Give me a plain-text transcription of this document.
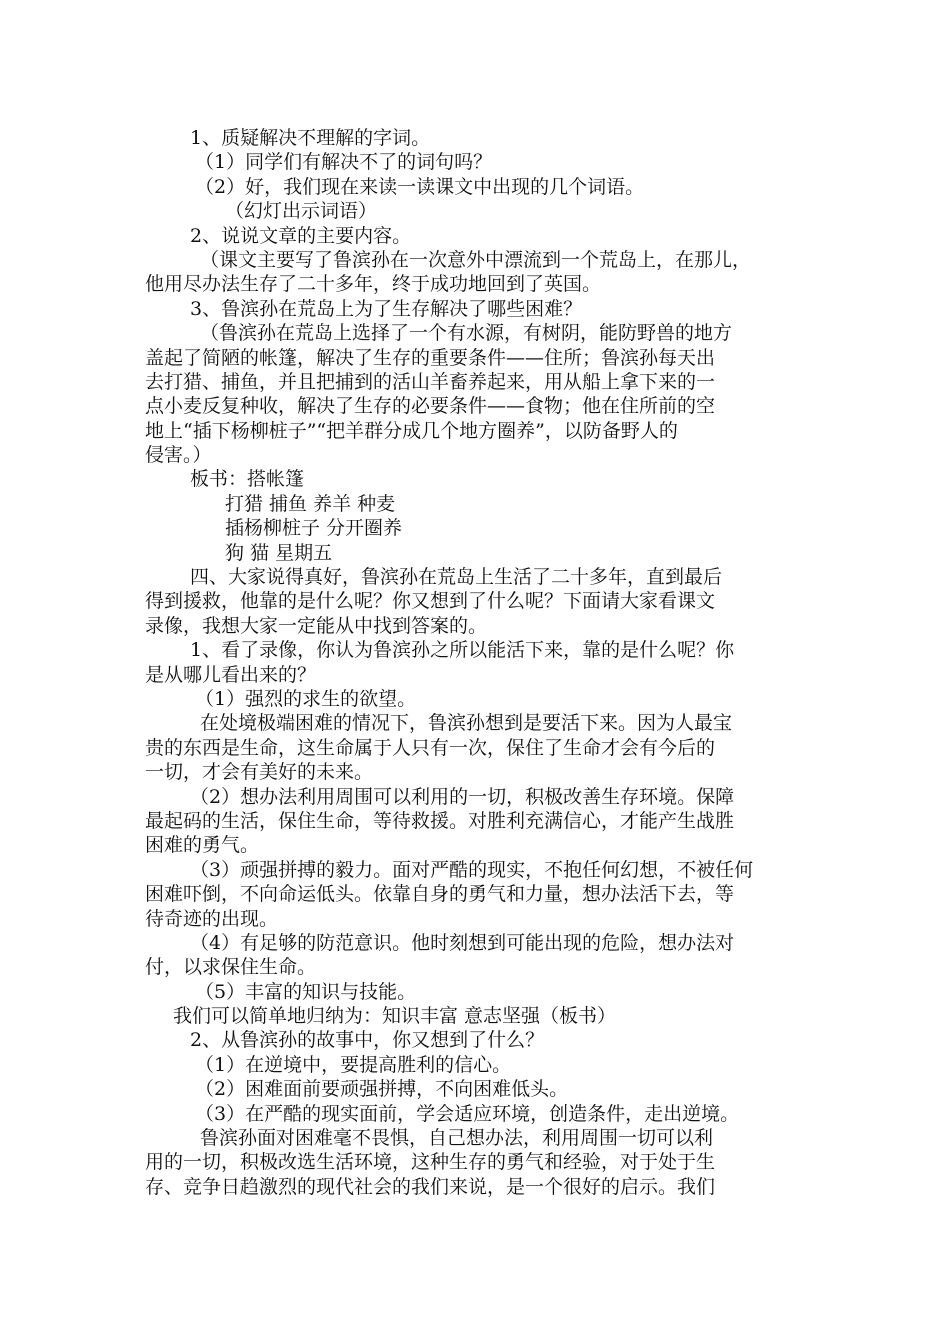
1、质疑解决不理解的字词。
（1）同学们有解决不了的词句吗？
（2）好，我们现在来读一读课文中出现的几个词语。
（幻灯出示词语）
2、说说文章的主要内容。
（课文主要写了鲁滨孙在一次意外中漂流到一个荒岛上，在那儿，
他用尽办法生存了二十多年，终于成功地回到了英国。
3、鲁滨孙在荒岛上为了生存解决了哪些困难？
（鲁滨孙在荒岛上选择了一个有水源，有树阴，能防野兽的地方
盖起了简陋的帐篷，解决了生存的重要条件——住所；鲁滨孙每天出
去打猎、捕鱼，并且把捕到的活山羊畜养起来，用从船上拿下来的一
点小麦反复种收，解决了生存的必要条件——食物；他在住所前的空
地上“插下杨柳桩子”“把羊群分成几个地方圈养”，以防备野人的
侵害。）
板书：搭帐篷
打猎 捕鱼 养羊 种麦
插杨柳桩子 分开圈养
狗 猫 星期五
四、大家说得真好，鲁滨孙在荒岛上生活了二十多年，直到最后
得到援救，他靠的是什么呢？你又想到了什么呢？下面请大家看课文
录像，我想大家一定能从中找到答案的。
1、看了录像，你认为鲁滨孙之所以能活下来，靠的是什么呢？你
是从哪儿看出来的？
（1）强烈的求生的欲望。
在处境极端困难的情况下，鲁滨孙想到是要活下来。因为人最宝
贵的东西是生命，这生命属于人只有一次，保住了生命才会有今后的
一切，才会有美好的未来。
（2）想办法利用周围可以利用的一切，积极改善生存环境。保障
最起码的生活，保住生命，等待救援。对胜利充满信心，才能产生战胜
困难的勇气。
（3）顽强拼搏的毅力。面对严酷的现实，不抱任何幻想，不被任何
困难吓倒，不向命运低头。依靠自身的勇气和力量，想办法活下去，等
待奇迹的出现。
（4）有足够的防范意识。他时刻想到可能出现的危险，想办法对
付，以求保住生命。
（5）丰富的知识与技能。
我们可以简单地归纳为：知识丰富 意志坚强（板书）
2、从鲁滨孙的故事中，你又想到了什么？
（1）在逆境中，要提高胜利的信心。
（2）困难面前要顽强拼搏，不向困难低头。
（3）在严酷的现实面前，学会适应环境，创造条件，走出逆境。
鲁滨孙面对困难毫不畏惧，自己想办法，利用周围一切可以利
用的一切，积极改选生活环境，这种生存的勇气和经验，对于处于生
存、竞争日趋激烈的现代社会的我们来说，是一个很好的启示。我们
